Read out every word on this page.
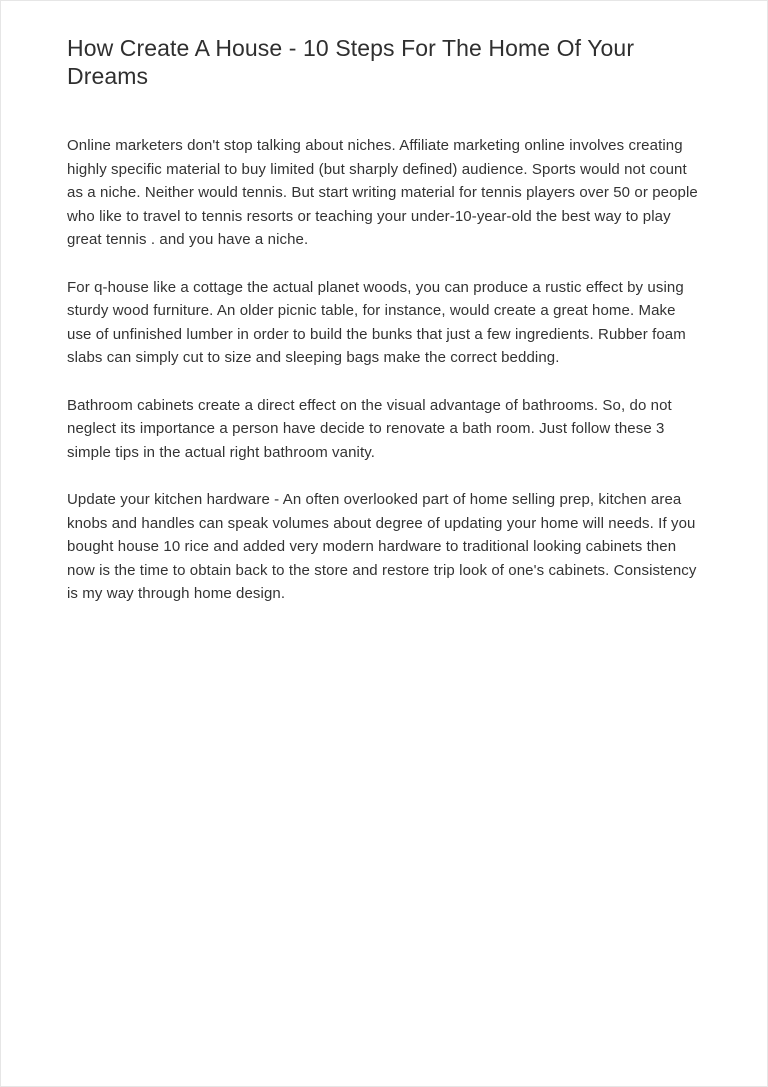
How Create A House - 10 Steps For The Home Of Your Dreams

Online marketers don't stop talking about niches. Affiliate marketing online involves creating highly specific material to buy limited (but sharply defined) audience. Sports would not count as a niche. Neither would tennis. But start writing material for tennis players over 50 or people who like to travel to tennis resorts or teaching your under-10-year-old the best way to play great tennis . and you have a niche.

For q-house like a cottage the actual planet woods, you can produce a rustic effect by using sturdy wood furniture. An older picnic table, for instance, would create a great home. Make use of unfinished lumber in order to build the bunks that just a few ingredients. Rubber foam slabs can simply cut to size and sleeping bags make the correct bedding.

Bathroom cabinets create a direct effect on the visual advantage of bathrooms. So, do not neglect its importance a person have decide to renovate a bath room. Just follow these 3 simple tips in the actual right bathroom vanity.

Update your kitchen hardware - An often overlooked part of home selling prep, kitchen area knobs and handles can speak volumes about degree of updating your home will needs. If you bought house 10 rice and added very modern hardware to traditional looking cabinets then now is the time to obtain back to the store and restore trip look of one's cabinets. Consistency is my way through home design.
